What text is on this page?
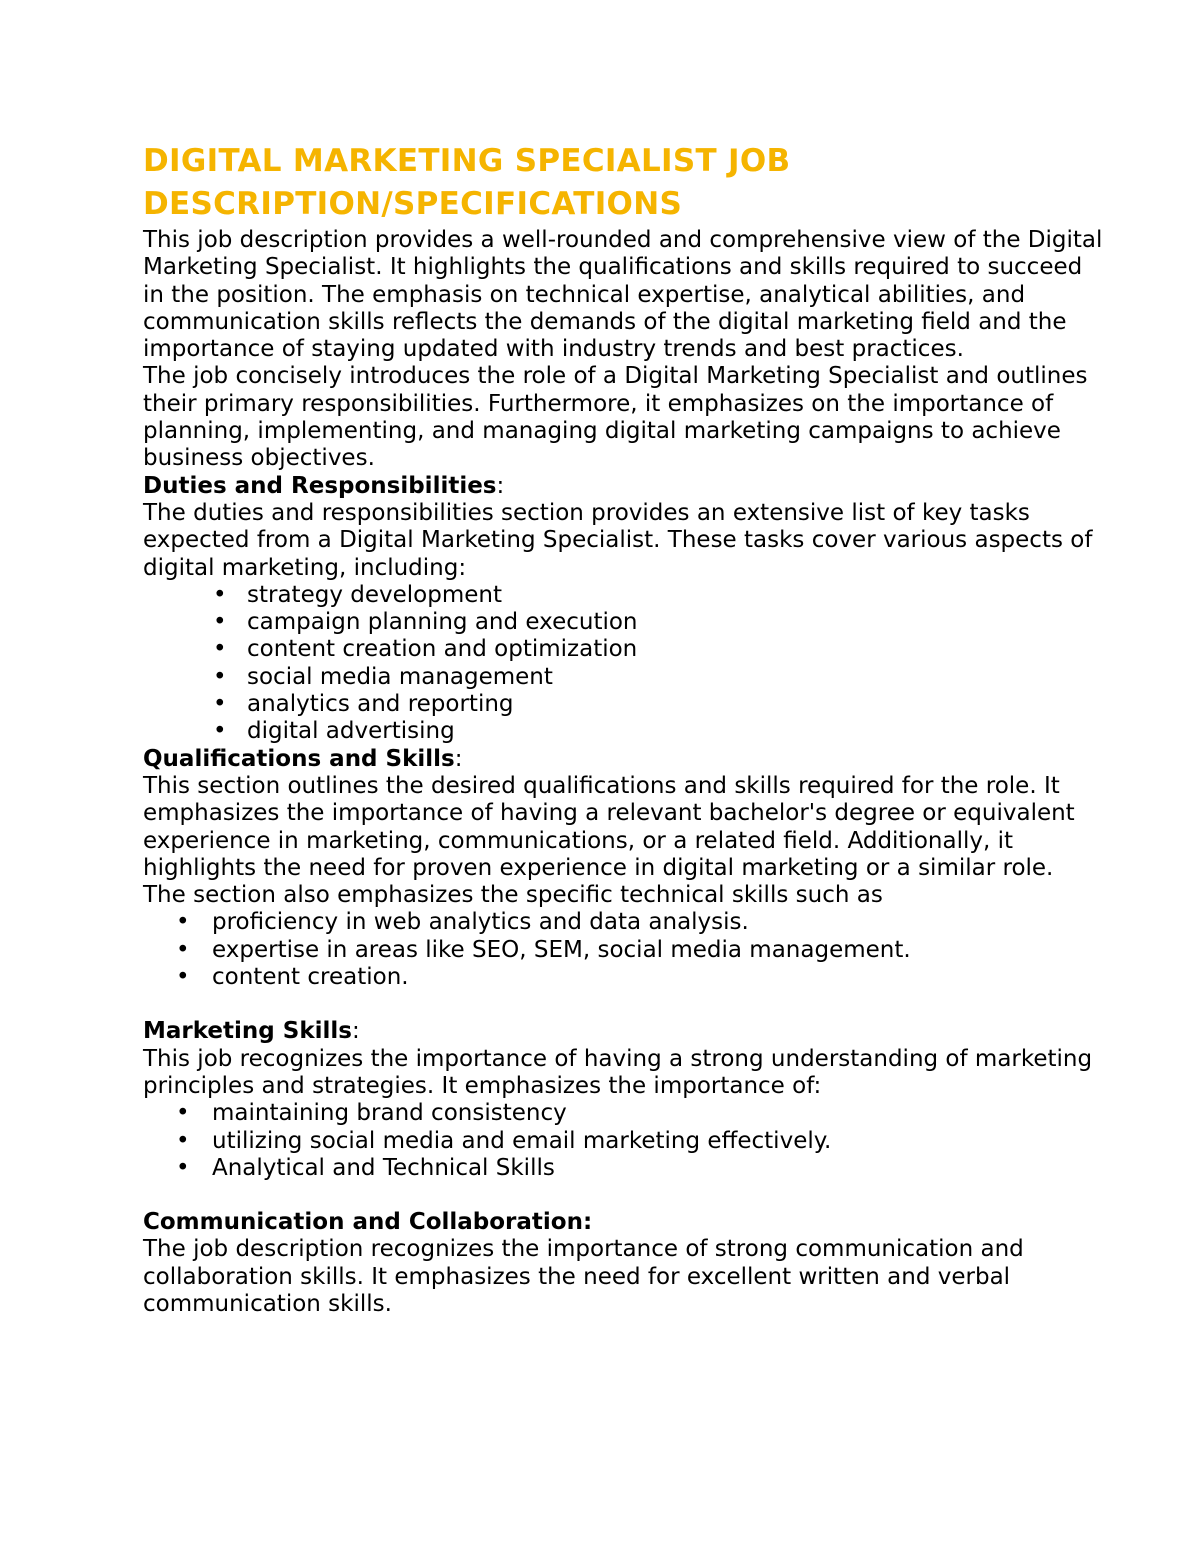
DIGITAL MARKETING SPECIALIST JOB DESCRIPTION/SPECIFICATIONS

This job description provides a well-rounded and comprehensive view of the Digital Marketing Specialist. It highlights the qualifications and skills required to succeed in the position. The emphasis on technical expertise, analytical abilities, and communication skills reflects the demands of the digital marketing field and the importance of staying updated with industry trends and best practices.

The job concisely introduces the role of a Digital Marketing Specialist and outlines their primary responsibilities. Furthermore, it emphasizes on the importance of planning, implementing, and managing digital marketing campaigns to achieve business objectives.

Duties and Responsibilities:

The duties and responsibilities section provides an extensive list of key tasks expected from a Digital Marketing Specialist. These tasks cover various aspects of digital marketing, including:

• strategy development
• campaign planning and execution
• content creation and optimization
• social media management
• analytics and reporting
• digital advertising

Qualifications and Skills:

This section outlines the desired qualifications and skills required for the role. It emphasizes the importance of having a relevant bachelor's degree or equivalent experience in marketing, communications, or a related field. Additionally, it highlights the need for proven experience in digital marketing or a similar role. The section also emphasizes the specific technical skills such as

• proficiency in web analytics and data analysis.
• expertise in areas like SEO, SEM, social media management.
• content creation.

Marketing Skills:

This job recognizes the importance of having a strong understanding of marketing principles and strategies. It emphasizes the importance of:

• maintaining brand consistency
• utilizing social media and email marketing effectively.
• Analytical and Technical Skills

Communication and Collaboration:

The job description recognizes the importance of strong communication and collaboration skills. It emphasizes the need for excellent written and verbal communication skills.
